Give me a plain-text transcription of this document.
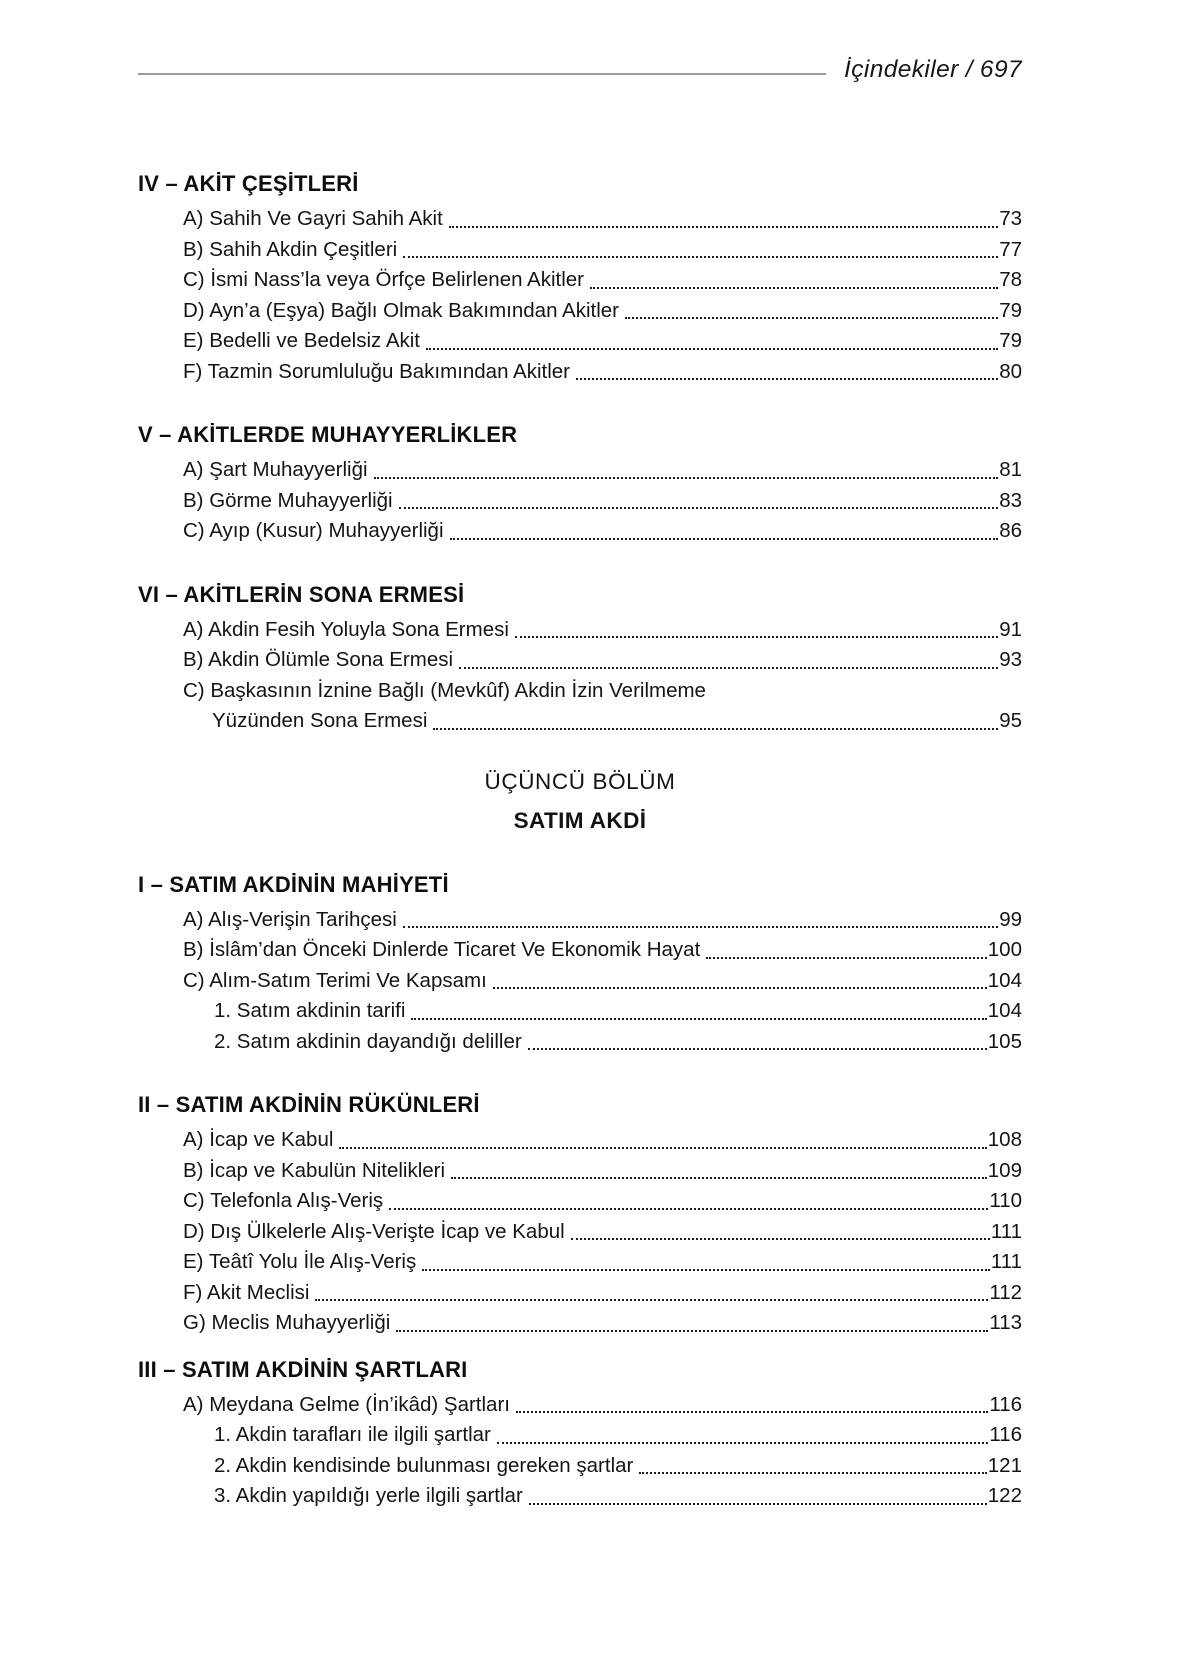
İçindekiler / 697
IV – AKİT ÇEŞİTLERİ
A) Sahih Ve Gayri Sahih Akit	73
B) Sahih Akdin Çeşitleri	77
C) İsmi Nass’la veya Örfçe Belirlenen Akitler	78
D) Ayn’a (Eşya) Bağlı Olmak Bakımından Akitler	79
E) Bedelli ve Bedelsiz Akit	79
F) Tazmin Sorumluluğu Bakımından Akitler	80
V – AKİTLERDE MUHAYYERLİKLER
A) Şart Muhayyerliği	81
B) Görme Muhayyerliği	83
C) Ayıp (Kusur) Muhayyerliği	86
VI – AKİTLERİN SONA ERMESİ
A) Akdin Fesih Yoluyla Sona Ermesi	91
B) Akdin Ölümle Sona Ermesi	93
C) Başkasının İznine Bağlı (Mevkûf) Akdin İzin Verilmeme
Yüzünden Sona Ermesi	95
ÜÇÜNCÜ BÖLÜM
SATIM AKDİ
I – SATIM AKDİNİN MAHİYETİ
A) Alış-Verişin Tarihçesi	99
B) İslâm’dan Önceki Dinlerde Ticaret Ve Ekonomik Hayat	100
C) Alım-Satım Terimi Ve Kapsamı	104
1. Satım akdinin tarifi	104
2. Satım akdinin dayandığı deliller	105
II – SATIM AKDİNİN RÜKÜNLERİ
A) İcap ve Kabul	108
B) İcap ve Kabulün Nitelikleri	109
C) Telefonla Alış-Veriş	110
D) Dış Ülkelerle Alış-Verişte İcap ve Kabul	111
E) Teâtî Yolu İle Alış-Veriş	111
F) Akit Meclisi	112
G) Meclis Muhayyerliği	113
III – SATIM AKDİNİN ŞARTLARI
A) Meydana Gelme (İn’ikâd) Şartları	116
1. Akdin tarafları ile ilgili şartlar	116
2. Akdin kendisinde bulunması gereken şartlar	121
3. Akdin yapıldığı yerle ilgili şartlar	122
